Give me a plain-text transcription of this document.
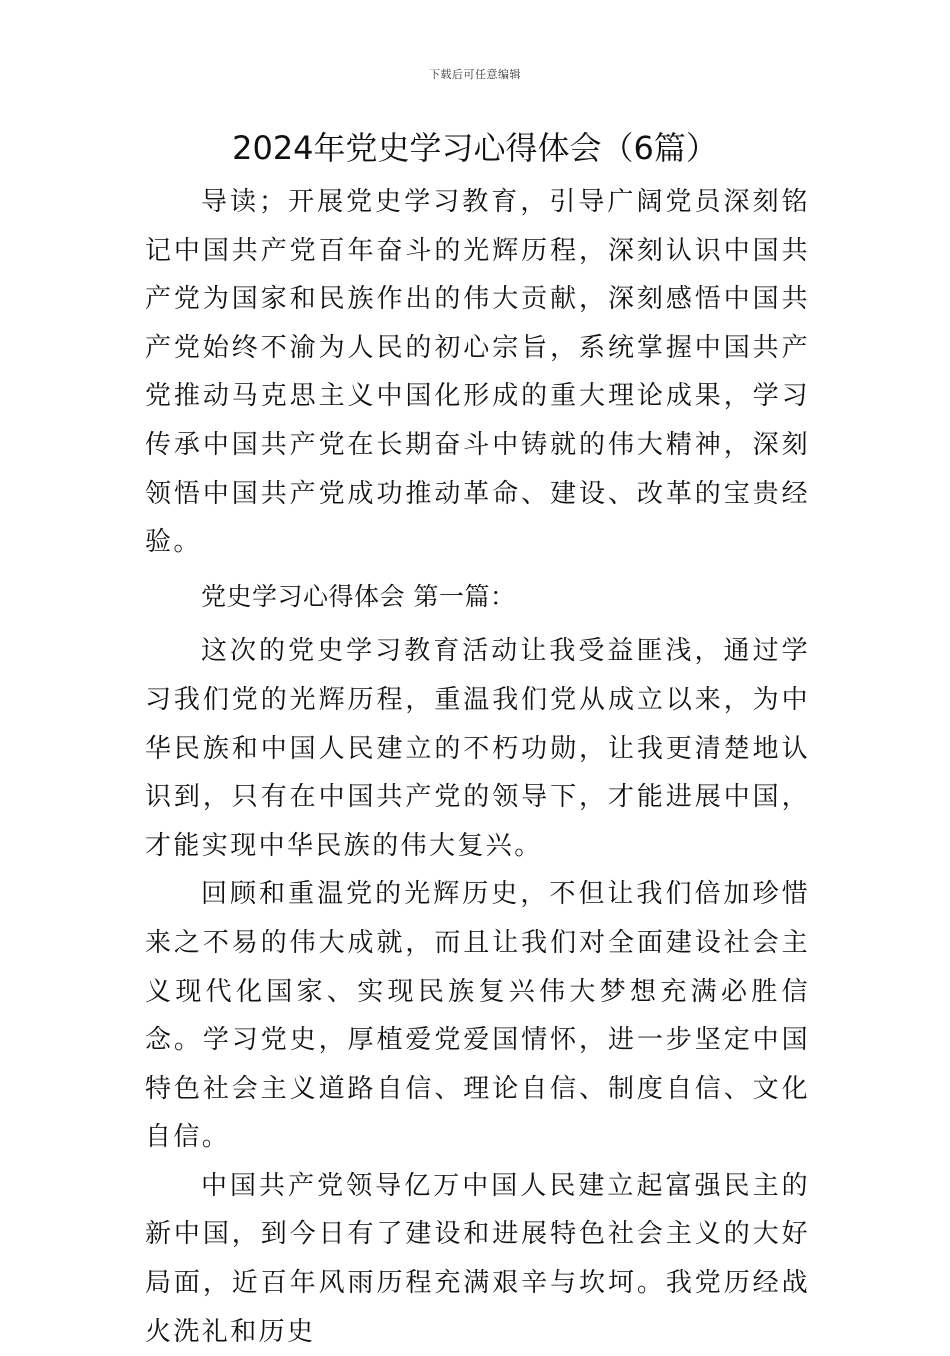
下载后可任意编辑
2024年党史学习心得体会（6篇）

导读；开展党史学习教育，引导广阔党员深刻铭记中国共产党百年奋斗的光辉历程，深刻认识中国共产党为国家和民族作出的伟大贡献，深刻感悟中国共产党始终不渝为人民的初心宗旨，系统掌握中国共产党推动马克思主义中国化形成的重大理论成果，学习传承中国共产党在长期奋斗中铸就的伟大精神，深刻领悟中国共产党成功推动革命、建设、改革的宝贵经验。

党史学习心得体会 第一篇：

这次的党史学习教育活动让我受益匪浅，通过学习我们党的光辉历程，重温我们党从成立以来，为中华民族和中国人民建立的不朽功勋，让我更清楚地认识到，只有在中国共产党的领导下，才能进展中国，才能实现中华民族的伟大复兴。

回顾和重温党的光辉历史，不但让我们倍加珍惜来之不易的伟大成就，而且让我们对全面建设社会主义现代化国家、实现民族复兴伟大梦想充满必胜信念。学习党史，厚植爱党爱国情怀，进一步坚定中国特色社会主义道路自信、理论自信、制度自信、文化自信。

中国共产党领导亿万中国人民建立起富强民主的新中国，到今日有了建设和进展特色社会主义的大好局面，近百年风雨历程充满艰辛与坎坷。我党历经战火洗礼和历史
